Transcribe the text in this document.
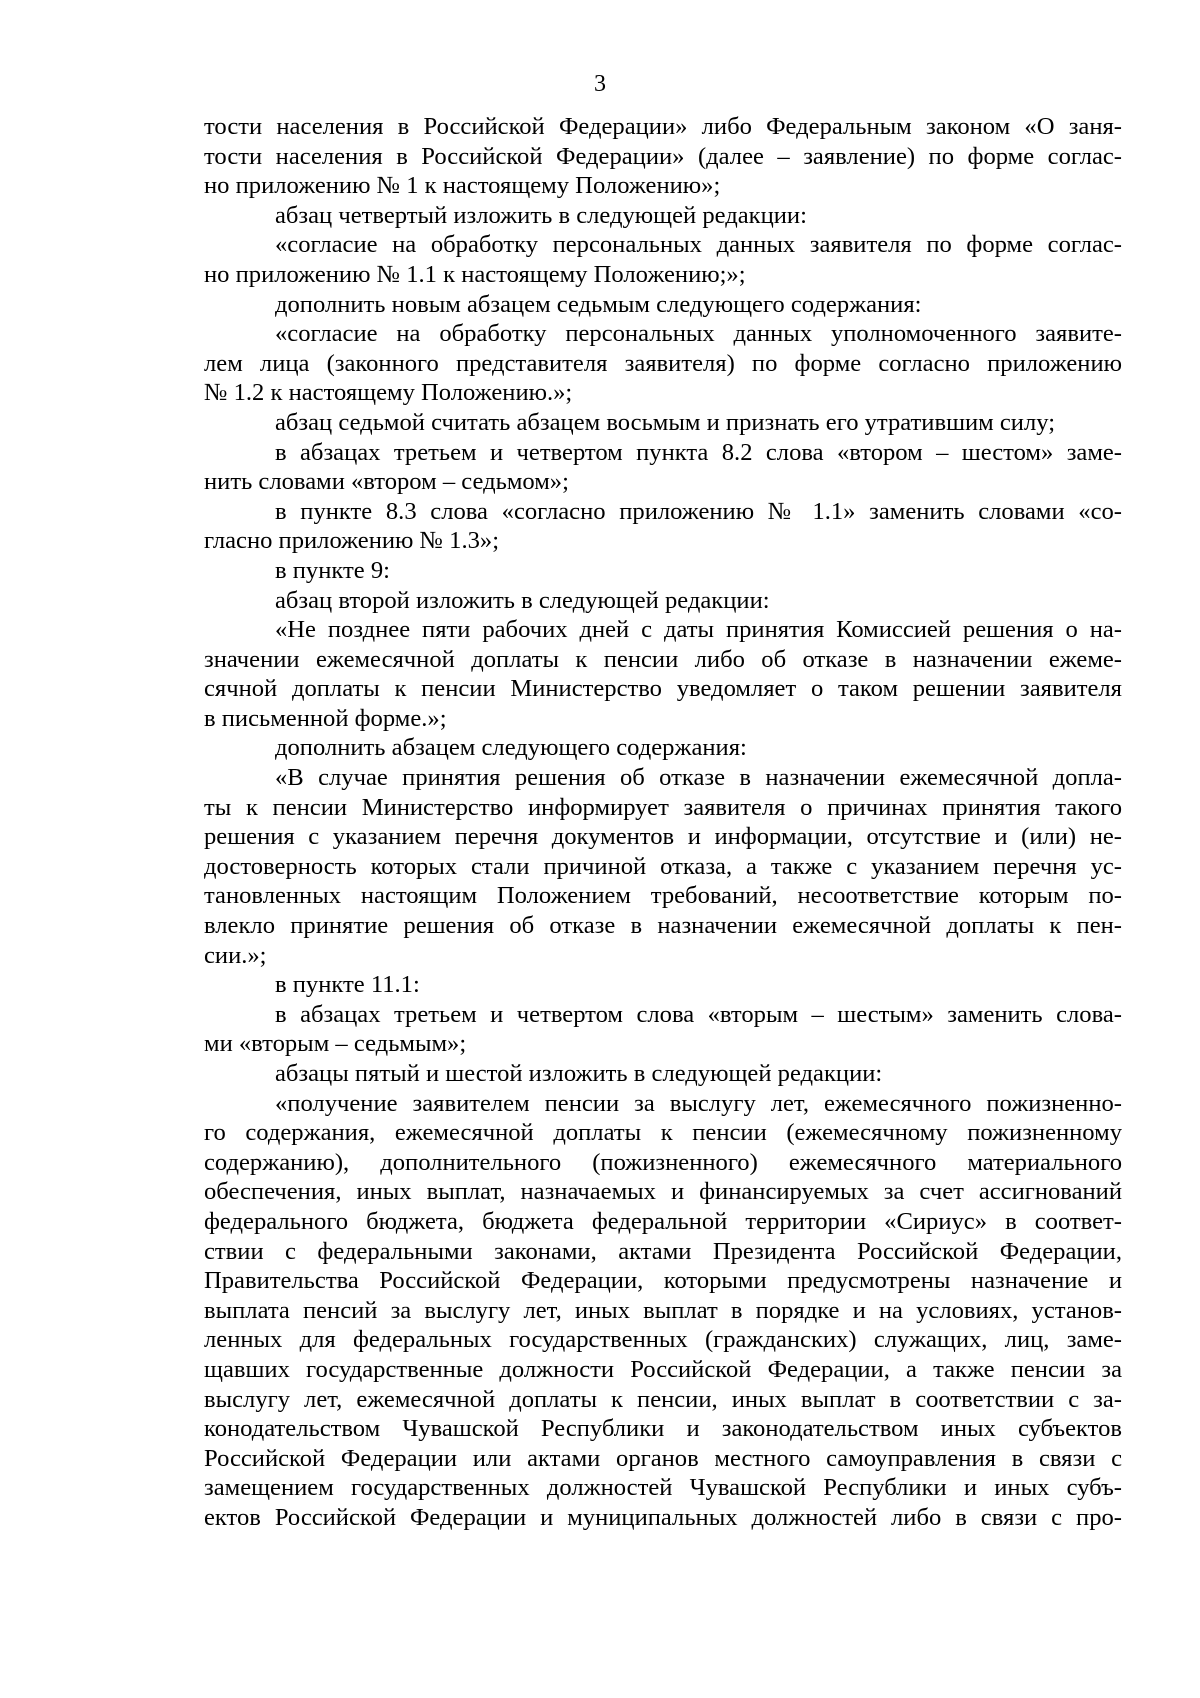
3
тости населения в Российской Федерации» либо Федеральным законом «О заня-
тости населения в Российской Федерации» (далее – заявление) по форме соглас-
но приложению № 1 к настоящему Положению»;
абзац четвертый изложить в следующей редакции:
«согласие на обработку персональных данных заявителя по форме соглас-
но приложению № 1.1 к настоящему Положению;»;
дополнить новым абзацем седьмым следующего содержания:
«согласие на обработку персональных данных уполномоченного заявите-
лем лица (законного представителя заявителя) по форме согласно приложению
№ 1.2 к настоящему Положению.»;
абзац седьмой считать абзацем восьмым и признать его утратившим силу;
в абзацах третьем и четвертом пункта 8.2 слова «втором – шестом» заме-
нить словами «втором – седьмом»;
в пункте 8.3 слова «согласно приложению № 1.1» заменить словами «со-
гласно приложению № 1.3»;
в пункте 9:
абзац второй изложить в следующей редакции:
«Не позднее пяти рабочих дней с даты принятия Комиссией решения о на-
значении ежемесячной доплаты к пенсии либо об отказе в назначении ежеме-
сячной доплаты к пенсии Министерство уведомляет о таком решении заявителя
в письменной форме.»;
дополнить абзацем следующего содержания:
«В случае принятия решения об отказе в назначении ежемесячной допла-
ты к пенсии Министерство информирует заявителя о причинах принятия такого
решения с указанием перечня документов и информации, отсутствие и (или) не-
достоверность которых стали причиной отказа, а также с указанием перечня ус-
тановленных настоящим Положением требований, несоответствие которым по-
влекло принятие решения об отказе в назначении ежемесячной доплаты к пен-
сии.»;
в пункте 11.1:
в абзацах третьем и четвертом слова «вторым – шестым» заменить слова-
ми «вторым – седьмым»;
абзацы пятый и шестой изложить в следующей редакции:
«получение заявителем пенсии за выслугу лет, ежемесячного пожизненно-
го содержания, ежемесячной доплаты к пенсии (ежемесячному пожизненному
содержанию), дополнительного (пожизненного) ежемесячного материального
обеспечения, иных выплат, назначаемых и финансируемых за счет ассигнований
федерального бюджета, бюджета федеральной территории «Сириус» в соответ-
ствии с федеральными законами, актами Президента Российской Федерации,
Правительства Российской Федерации, которыми предусмотрены назначение и
выплата пенсий за выслугу лет, иных выплат в порядке и на условиях, установ-
ленных для федеральных государственных (гражданских) служащих, лиц, заме-
щавших государственные должности Российской Федерации, а также пенсии за
выслугу лет, ежемесячной доплаты к пенсии, иных выплат в соответствии с за-
конодательством Чувашской Республики и законодательством иных субъектов
Российской Федерации или актами органов местного самоуправления в связи с
замещением государственных должностей Чувашской Республики и иных субъ-
ектов Российской Федерации и муниципальных должностей либо в связи с про-
